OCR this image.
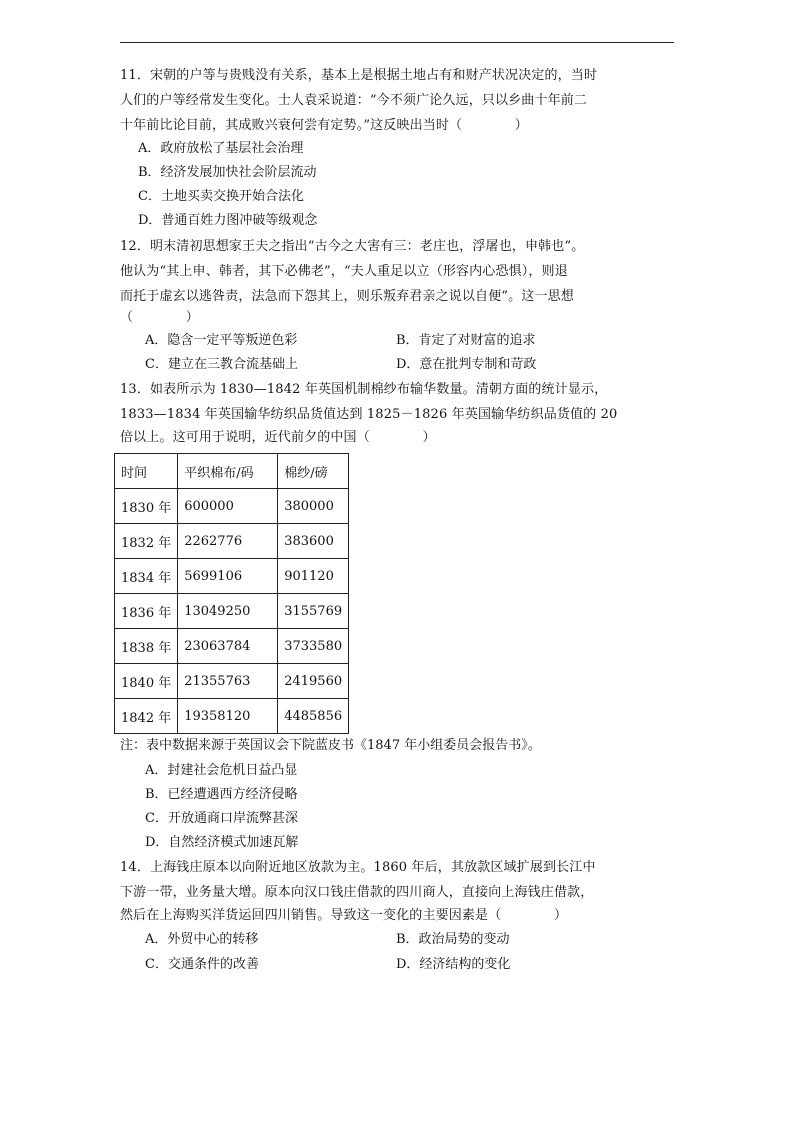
11．宋朝的户等与贵贱没有关系，基本上是根据土地占有和财产状况决定的，当时
人们的户等经常发生变化。士人袁采说道：“今不须广论久远，只以乡曲十年前二
十年前比论目前，其成败兴衰何尝有定势。”这反映出当时（　　　　）
A．政府放松了基层社会治理
B．经济发展加快社会阶层流动
C．土地买卖交换开始合法化
D．普通百姓力图冲破等级观念
12．明末清初思想家王夫之指出“古今之大害有三：老庄也，浮屠也，申韩也”。
他认为“其上申、韩者，其下必佛老”，“夫人重足以立（形容内心恐惧），则退
而托于虚玄以逃咎责，法急而下怨其上，则乐叛弃君亲之说以自便”。这一思想
（　　　　）
A．隐含一定平等叛逆色彩	B．肯定了对财富的追求
C．建立在三教合流基础上	D．意在批判专制和苛政
13．如表所示为 1830—1842 年英国机制棉纱布输华数量。清朝方面的统计显示，
1833—1834 年英国输华纺织品货值达到 1825－1826 年英国输华纺织品货值的 20
倍以上。这可用于说明，近代前夕的中国（　　　　）
时间	平织棉布/码	棉纱/磅
1830 年	600000	380000
1832 年	2262776	383600
1834 年	5699106	901120
1836 年	13049250	3155769
1838 年	23063784	3733580
1840 年	21355763	2419560
1842 年	19358120	4485856
注：表中数据来源于英国议会下院蓝皮书《1847 年小组委员会报告书》。
A．封建社会危机日益凸显
B．已经遭遇西方经济侵略
C．开放通商口岸流弊甚深
D．自然经济模式加速瓦解
14．上海钱庄原本以向附近地区放款为主。1860 年后，其放款区域扩展到长江中
下游一带，业务量大增。原本向汉口钱庄借款的四川商人，直接向上海钱庄借款，
然后在上海购买洋货运回四川销售。导致这一变化的主要因素是（　　　　）
A．外贸中心的转移	B．政治局势的变动
C．交通条件的改善	D．经济结构的变化
